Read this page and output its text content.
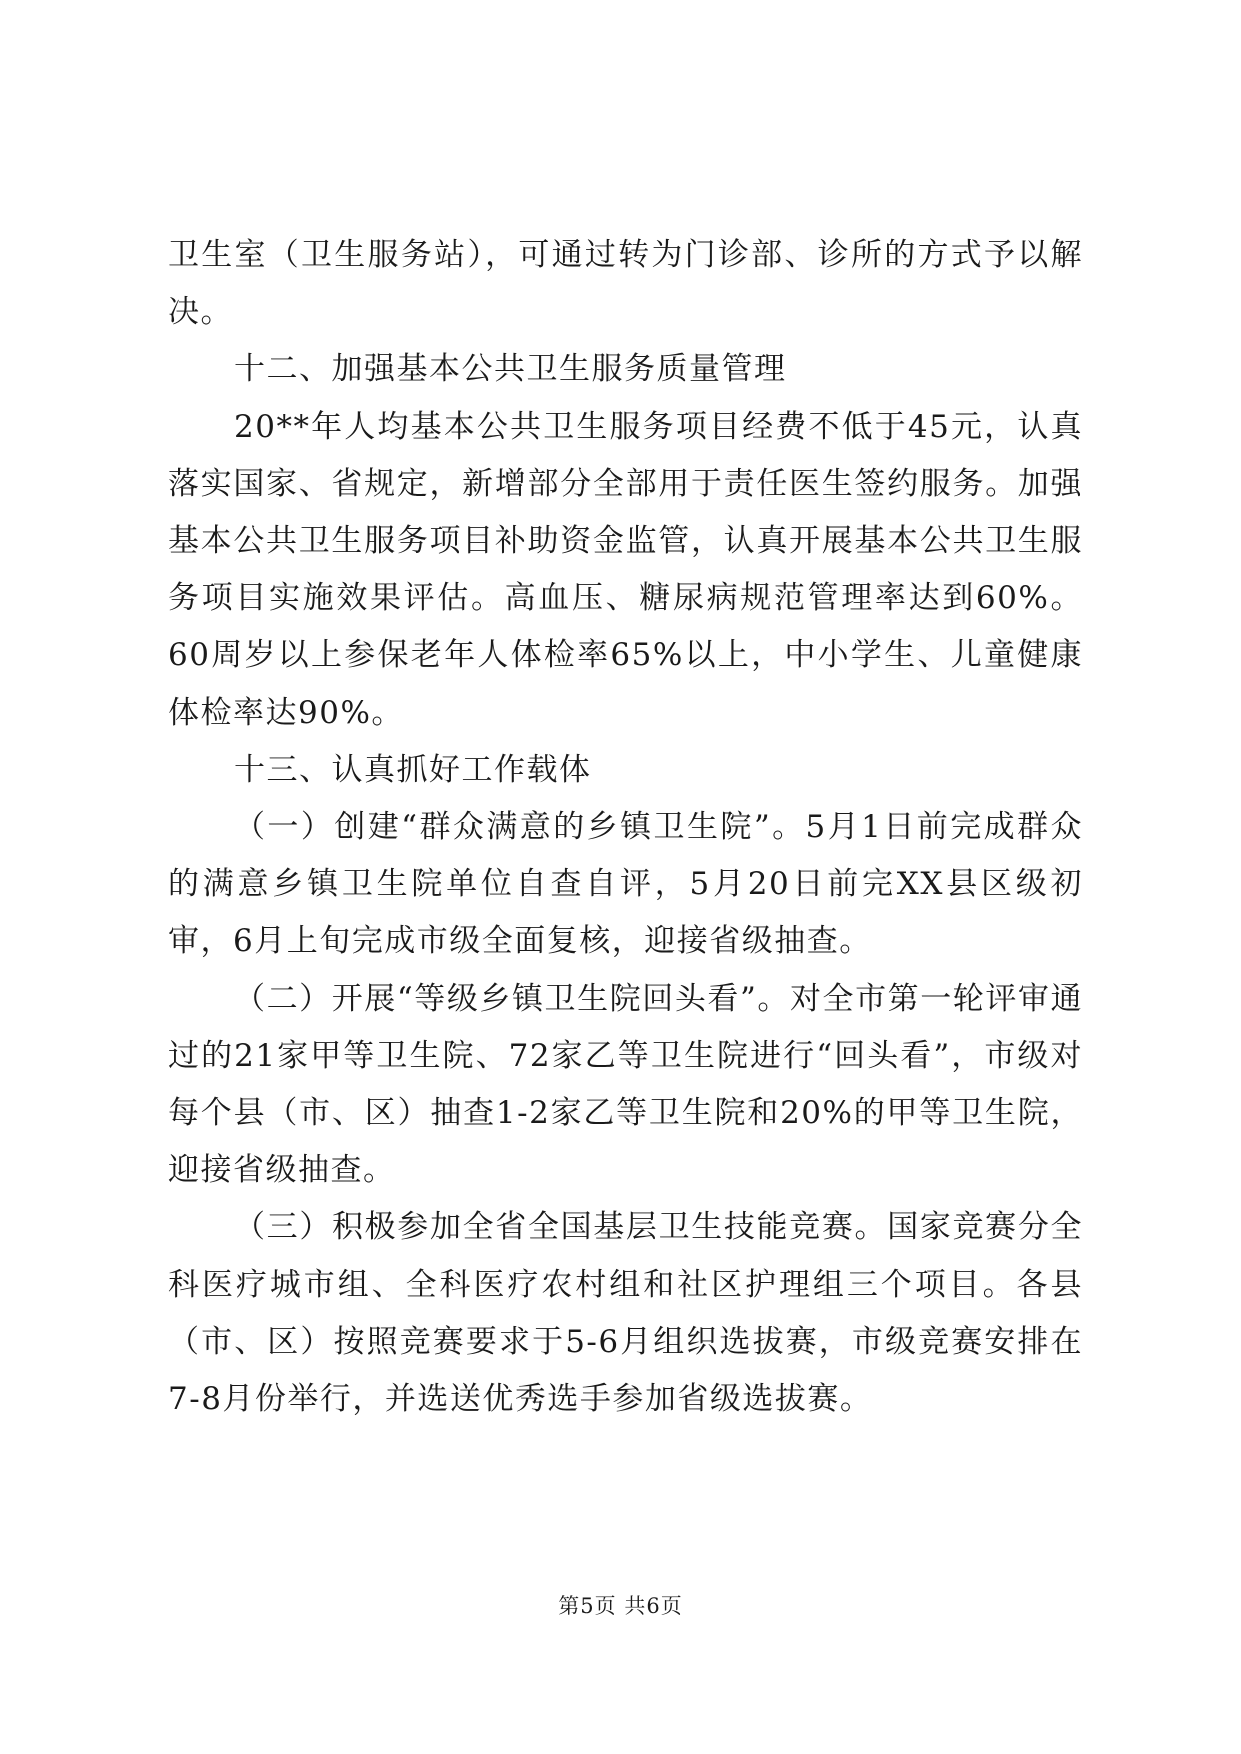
卫生室（卫生服务站），可通过转为门诊部、诊所的方式予以解决。

十二、加强基本公共卫生服务质量管理

20**年人均基本公共卫生服务项目经费不低于45元，认真落实国家、省规定，新增部分全部用于责任医生签约服务。加强基本公共卫生服务项目补助资金监管，认真开展基本公共卫生服务项目实施效果评估。高血压、糖尿病规范管理率达到60%。60周岁以上参保老年人体检率65%以上，中小学生、儿童健康体检率达90%。

十三、认真抓好工作载体

（一）创建“群众满意的乡镇卫生院”。5月1日前完成群众的满意乡镇卫生院单位自查自评，5月20日前完XX县区级初审，6月上旬完成市级全面复核，迎接省级抽查。

（二）开展“等级乡镇卫生院回头看”。对全市第一轮评审通过的21家甲等卫生院、72家乙等卫生院进行“回头看”，市级对每个县（市、区）抽查1-2家乙等卫生院和20%的甲等卫生院，迎接省级抽查。

（三）积极参加全省全国基层卫生技能竞赛。国家竞赛分全科医疗城市组、全科医疗农村组和社区护理组三个项目。各县（市、区）按照竞赛要求于5-6月组织选拔赛，市级竞赛安排在7-8月份举行，并选送优秀选手参加省级选拔赛。

第5页 共6页
